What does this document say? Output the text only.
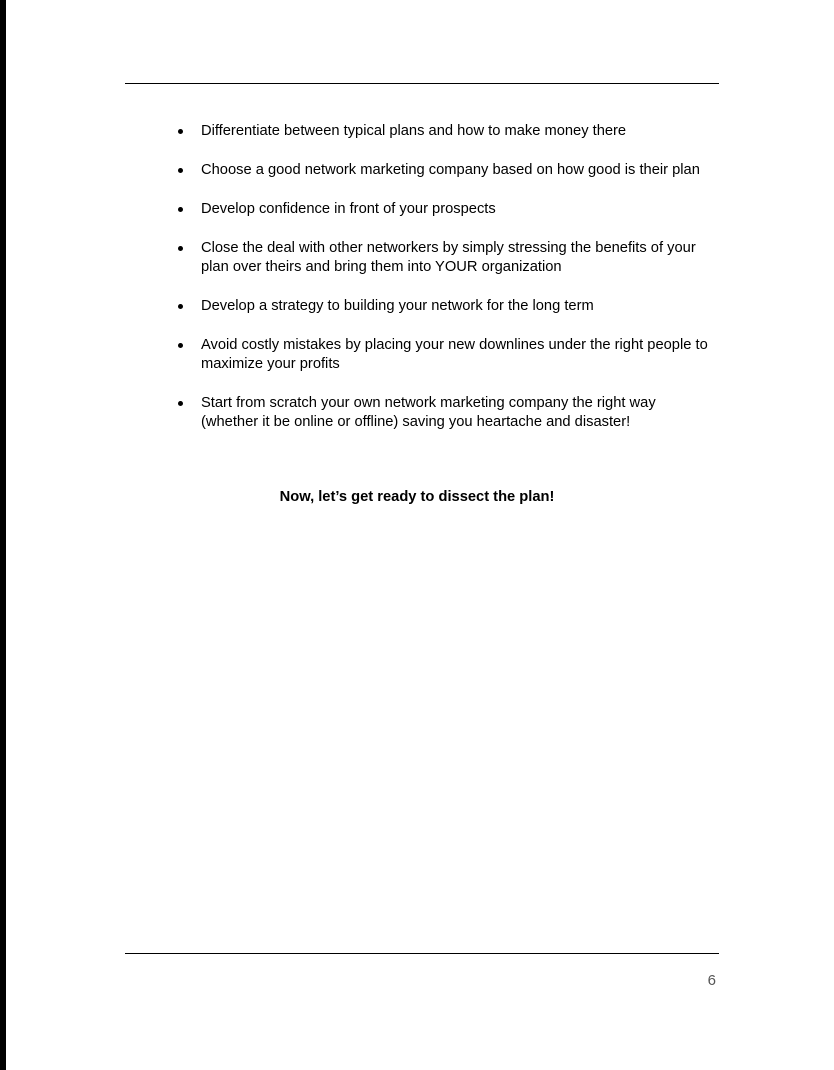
Differentiate between typical plans and how to make money there
Choose a good network marketing company based on how good is their plan
Develop confidence in front of your prospects
Close the deal with other networkers by simply stressing the benefits of your plan over theirs and bring them into YOUR organization
Develop a strategy to building your network for the long term
Avoid costly mistakes by placing your new downlines under the right people to maximize your profits
Start from scratch your own network marketing company the right way (whether it be online or offline) saving you heartache and disaster!
Now, let’s get ready to dissect the plan!
6
